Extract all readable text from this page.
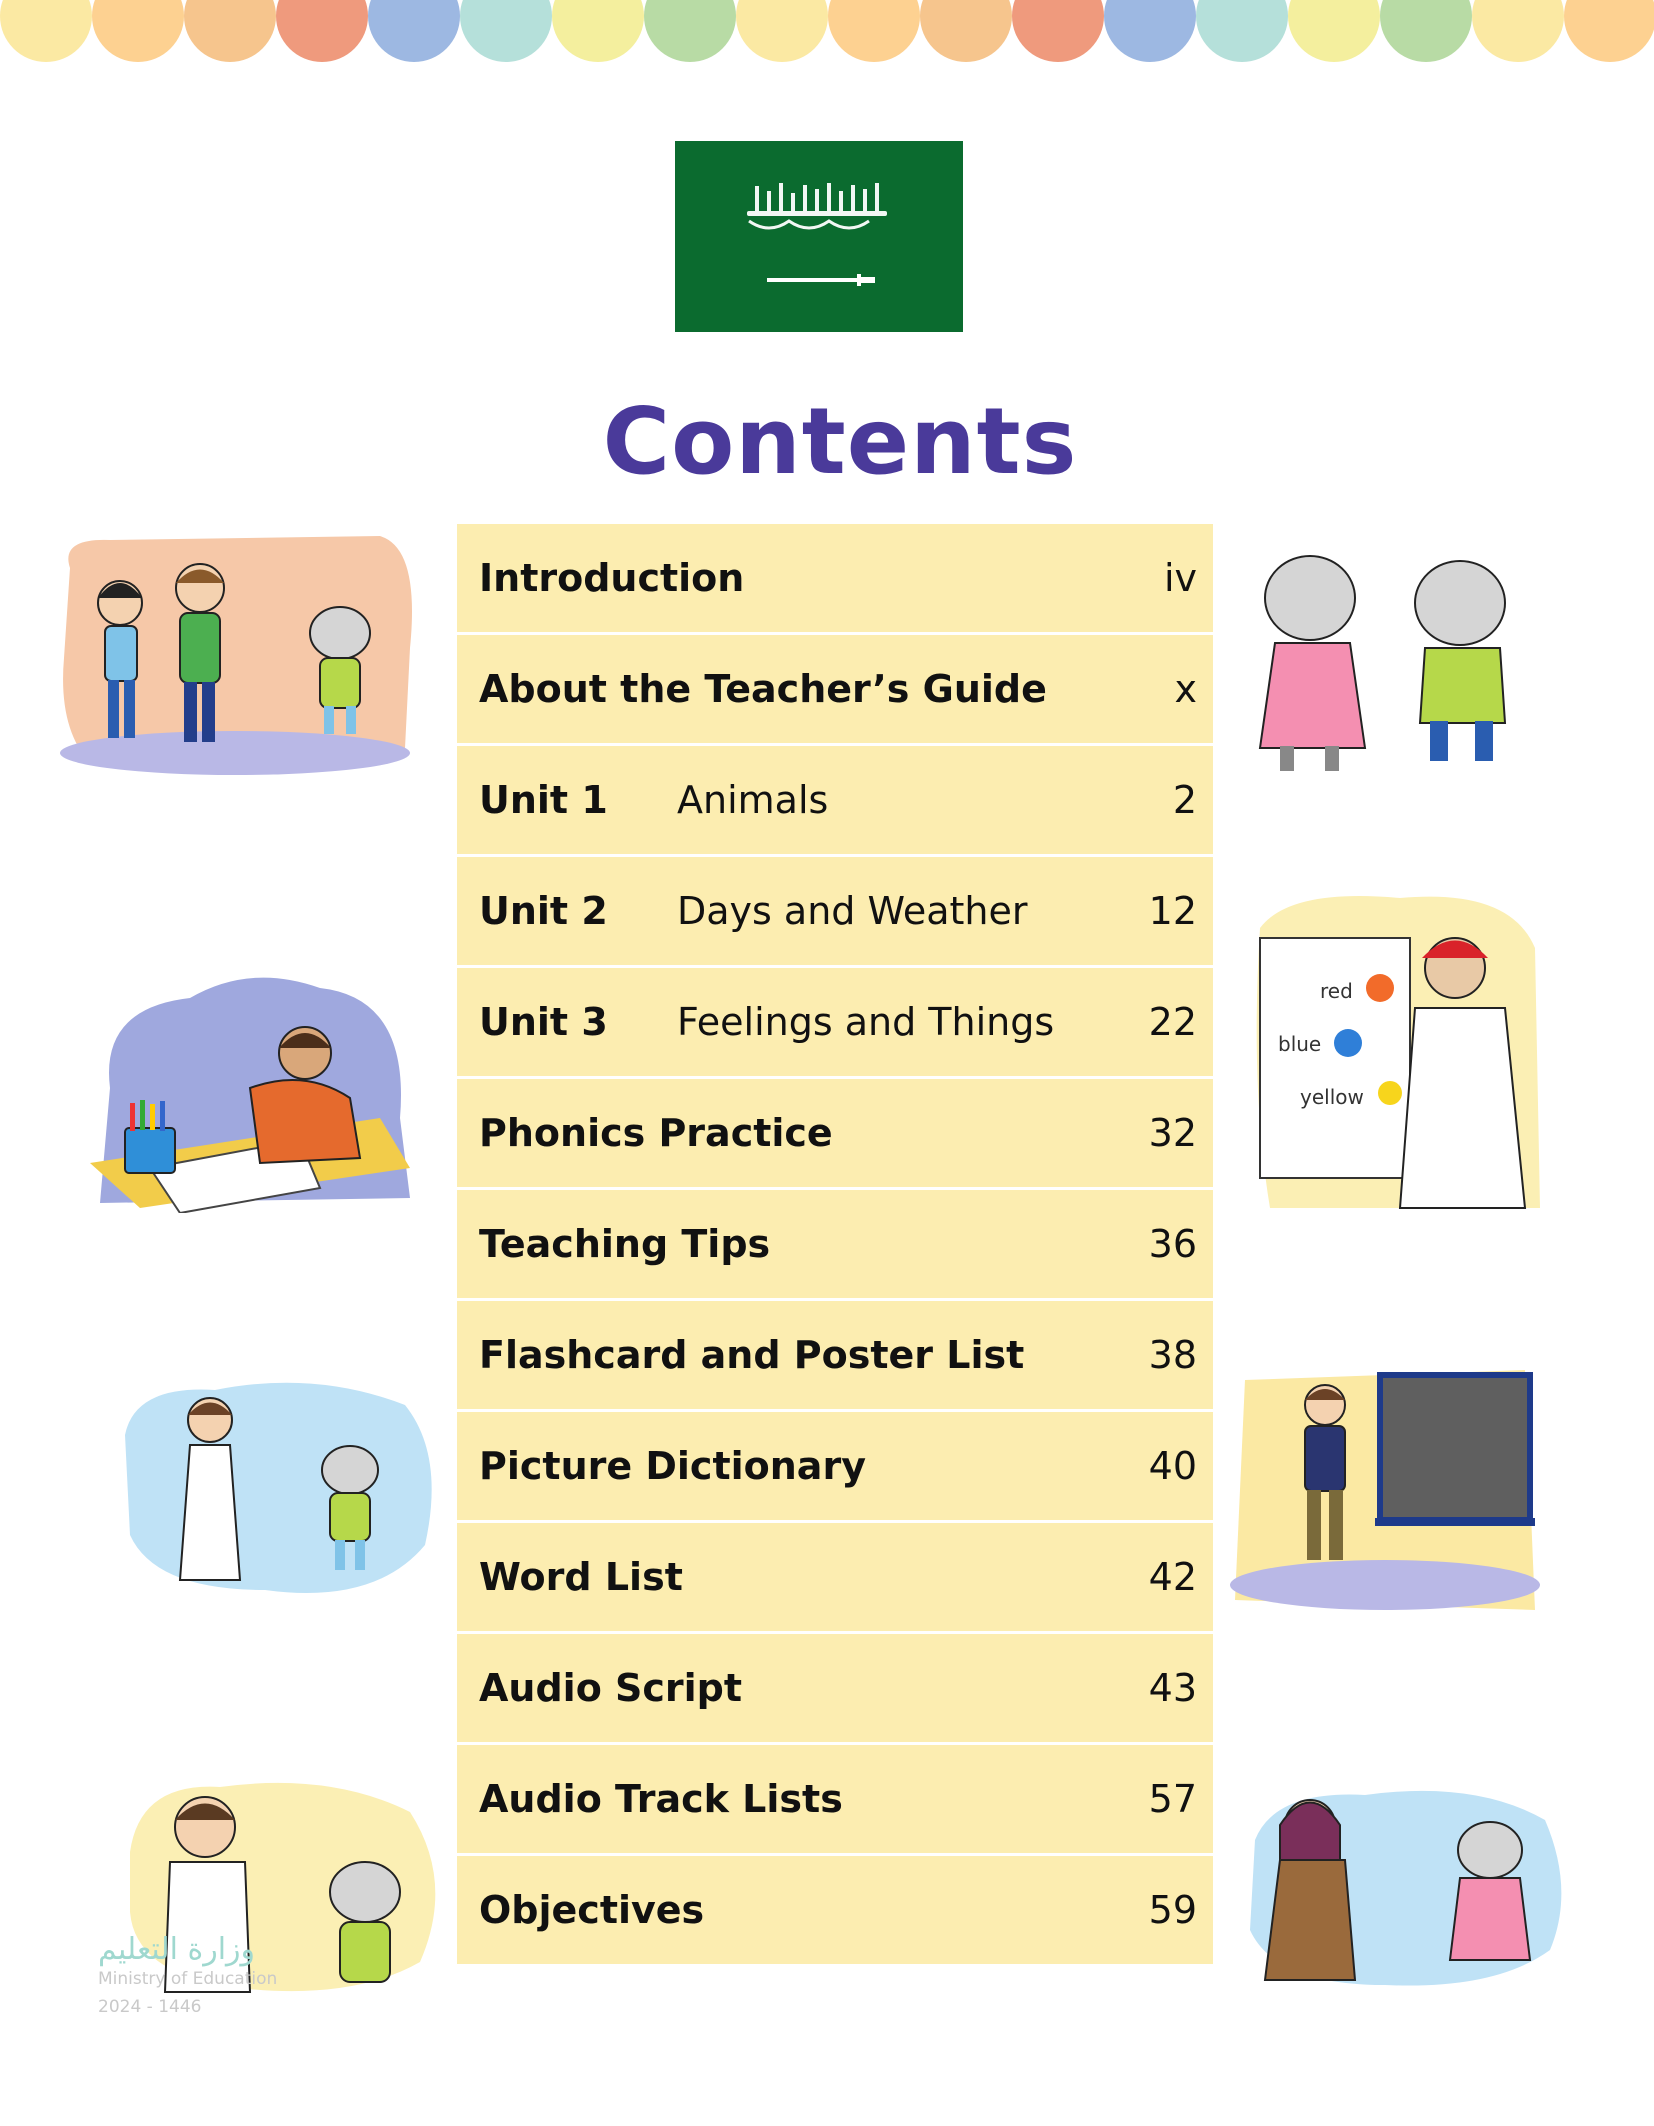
Contents
Introduction	iv
About the Teacher’s Guide	x
Unit 1	Animals	2
Unit 2	Days and Weather	12
Unit 3	Feelings and Things 22
Phonics Practice	32
Teaching Tips	36
Flashcard and Poster List	38
Picture Dictionary	40
Word List	42
Audio Script	43
Audio Track Lists	57
Objectives	59
red
blue
yellow
وزارة التعليم
Ministry of Education
2024 - 1446
